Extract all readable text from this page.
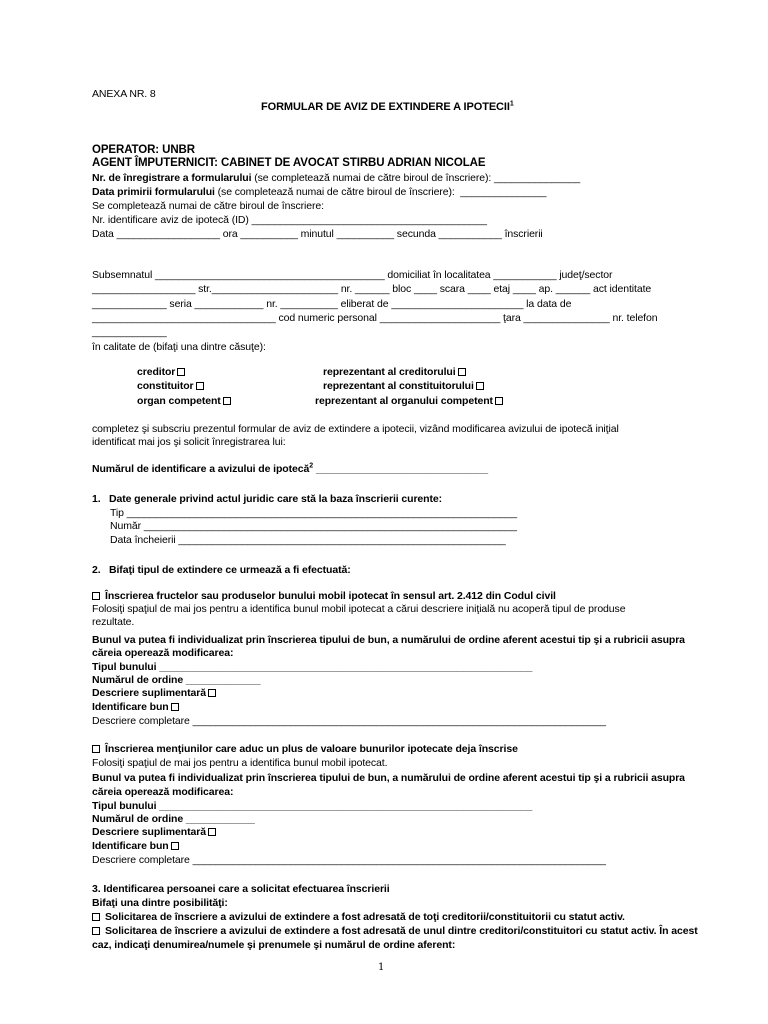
ANEXA NR. 8
FORMULAR DE AVIZ DE EXTINDERE A IPOTECII$^1$
OPERATOR: UNBR
AGENT ÎMPUTERNICIT: CABINET DE AVOCAT STIRBU ADRIAN NICOLAE
Nr. de înregistrare a formularului (se completează numai de către biroul de înscriere): _______________
Data primirii formularului (se completează numai de către biroul de înscriere):  _______________
Se completează numai de către biroul de înscriere:
Nr. identificare aviz de ipotecă (ID) _________________________________________
Data __________________ ora __________ minutul __________ secunda ___________ înscrierii
Subsemnatul ________________________________________ domiciliat în localitatea ___________ judeţ/sector
__________________ str.______________________ nr. ______ bloc ____ scara ____ etaj ____ ap. ______ act identitate
_____________ seria ____________ nr. __________ eliberat de _______________________ la data de
________________________________ cod numeric personal _____________________ ţara _______________ nr. telefon
_____________
în calitate de (bifaţi una dintre căsuţe):
creditor
constituitor
organ competent
reprezentant al creditorului
reprezentant al constituitorului
reprezentant al organului competent
completez şi subscriu prezentul formular de aviz de extindere a ipotecii, vizând modificarea avizului de ipotecă iniţial
identificat mai jos şi solicit înregistrarea lui:
Numărul de identificare a avizului de ipotecă$^2$ ______________________________
1.   Date generale privind actul juridic care stă la baza înscrierii curente:
Tip ____________________________________________________________________
Număr _________________________________________________________________
Data încheierii _________________________________________________________
2.   Bifaţi tipul de extindere ce urmează a fi efectuată:
Înscrierea fructelor sau produselor bunului mobil ipotecat în sensul art. 2.412 din Codul civil
Folosiţi spaţiul de mai jos pentru a identifica bunul mobil ipotecat a cărui descriere iniţială nu acoperă tipul de produse
rezultate.
Bunul va putea fi individualizat prin înscrierea tipului de bun, a numărului de ordine aferent acestui tip şi a rubricii asupra
căreia operează modificarea:
Tipul bunului _________________________________________________________________
Numărul de ordine _____________
Descriere suplimentară
Identificare bun
Descriere completare ________________________________________________________________________
Înscrierea menţiunilor care aduc un plus de valoare bunurilor ipotecate deja înscrise
Folosiţi spaţiul de mai jos pentru a identifica bunul mobil ipotecat.
Bunul va putea fi individualizat prin înscrierea tipului de bun, a numărului de ordine aferent acestui tip şi a rubricii asupra
căreia operează modificarea:
Tipul bunului _________________________________________________________________
Numărul de ordine ____________
Descriere suplimentară
Identificare bun
Descriere completare ________________________________________________________________________
3. Identificarea persoanei care a solicitat efectuarea înscrierii
Bifaţi una dintre posibilităţi:
Solicitarea de înscriere a avizului de extindere a fost adresată de toţi creditorii/constituitorii cu statut activ.
Solicitarea de înscriere a avizului de extindere a fost adresată de unul dintre creditori/constituitori cu statut activ. În acest
caz, indicaţi denumirea/numele şi prenumele şi numărul de ordine aferent:
1
